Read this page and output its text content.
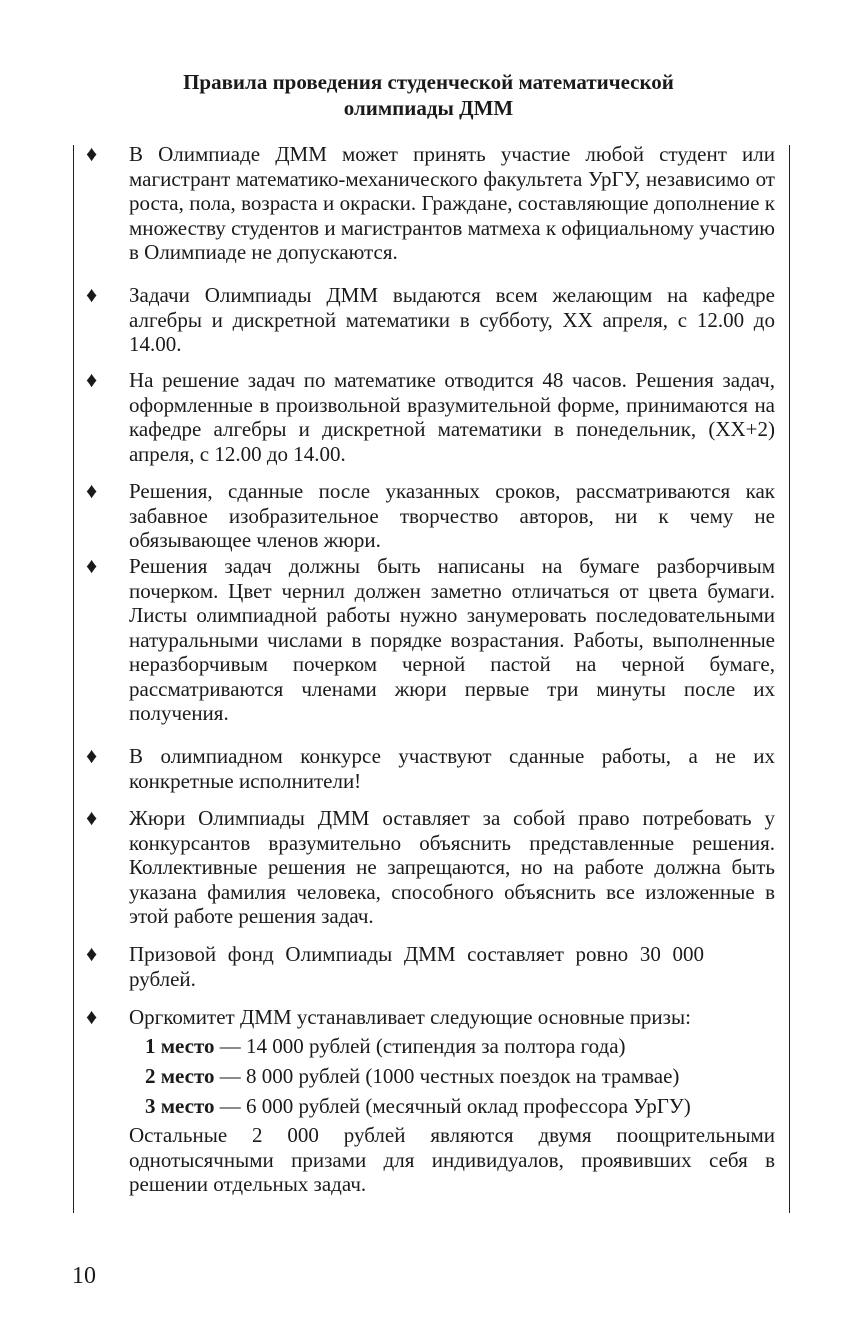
Правила проведения студенческой математической
олимпиады ДММ
♦ В Олимпиаде ДММ может принять участие любой студент или магистрант математико-механического факультета УрГУ, независимо от роста, пола, возраста и окраски. Граждане, составляющие дополнение к множеству студентов и магистрантов матмеха к официальному участию в Олимпиаде не допускаются.
♦ Задачи Олимпиады ДММ выдаются всем желающим на кафедре алгебры и дискретной математики в субботу, XX апреля, с 12.00 до 14.00.
♦ На решение задач по математике отводится 48 часов. Решения задач, оформленные в произвольной вразумительной форме, принимаются на кафедре алгебры и дискретной математики в понедельник, (XX+2) апреля, с 12.00 до 14.00.
♦ Решения, сданные после указанных сроков, рассматриваются как забавное изобразительное творчество авторов, ни к чему не обязывающее членов жюри.
♦ Решения задач должны быть написаны на бумаге разборчивым почерком. Цвет чернил должен заметно отличаться от цвета бумаги. Листы олимпиадной работы нужно занумеровать последовательными натуральными числами в порядке возрастания. Работы, выполненные неразборчивым почерком черной пастой на черной бумаге, рассматриваются членами жюри первые три минуты после их получения.
♦ В олимпиадном конкурсе участвуют сданные работы, а не их конкретные исполнители!
♦ Жюри Олимпиады ДММ оставляет за собой право потребовать у конкурсантов вразумительно объяснить представленные решения. Коллективные решения не запрещаются, но на работе должна быть указана фамилия человека, способного объяснить все изложенные в этой работе решения задач.
♦ Призовой фонд Олимпиады ДММ составляет ровно 30 000 рублей.
♦ Оргкомитет ДММ устанавливает следующие основные призы:
1 место — 14 000 рублей (стипендия за полтора года)
2 место — 8 000 рублей (1000 честных поездок на трамвае)
3 место — 6 000 рублей (месячный оклад профессора УрГУ)
Остальные 2 000 рублей являются двумя поощрительными однотысячными призами для индивидуалов, проявивших себя в решении отдельных задач.
10
